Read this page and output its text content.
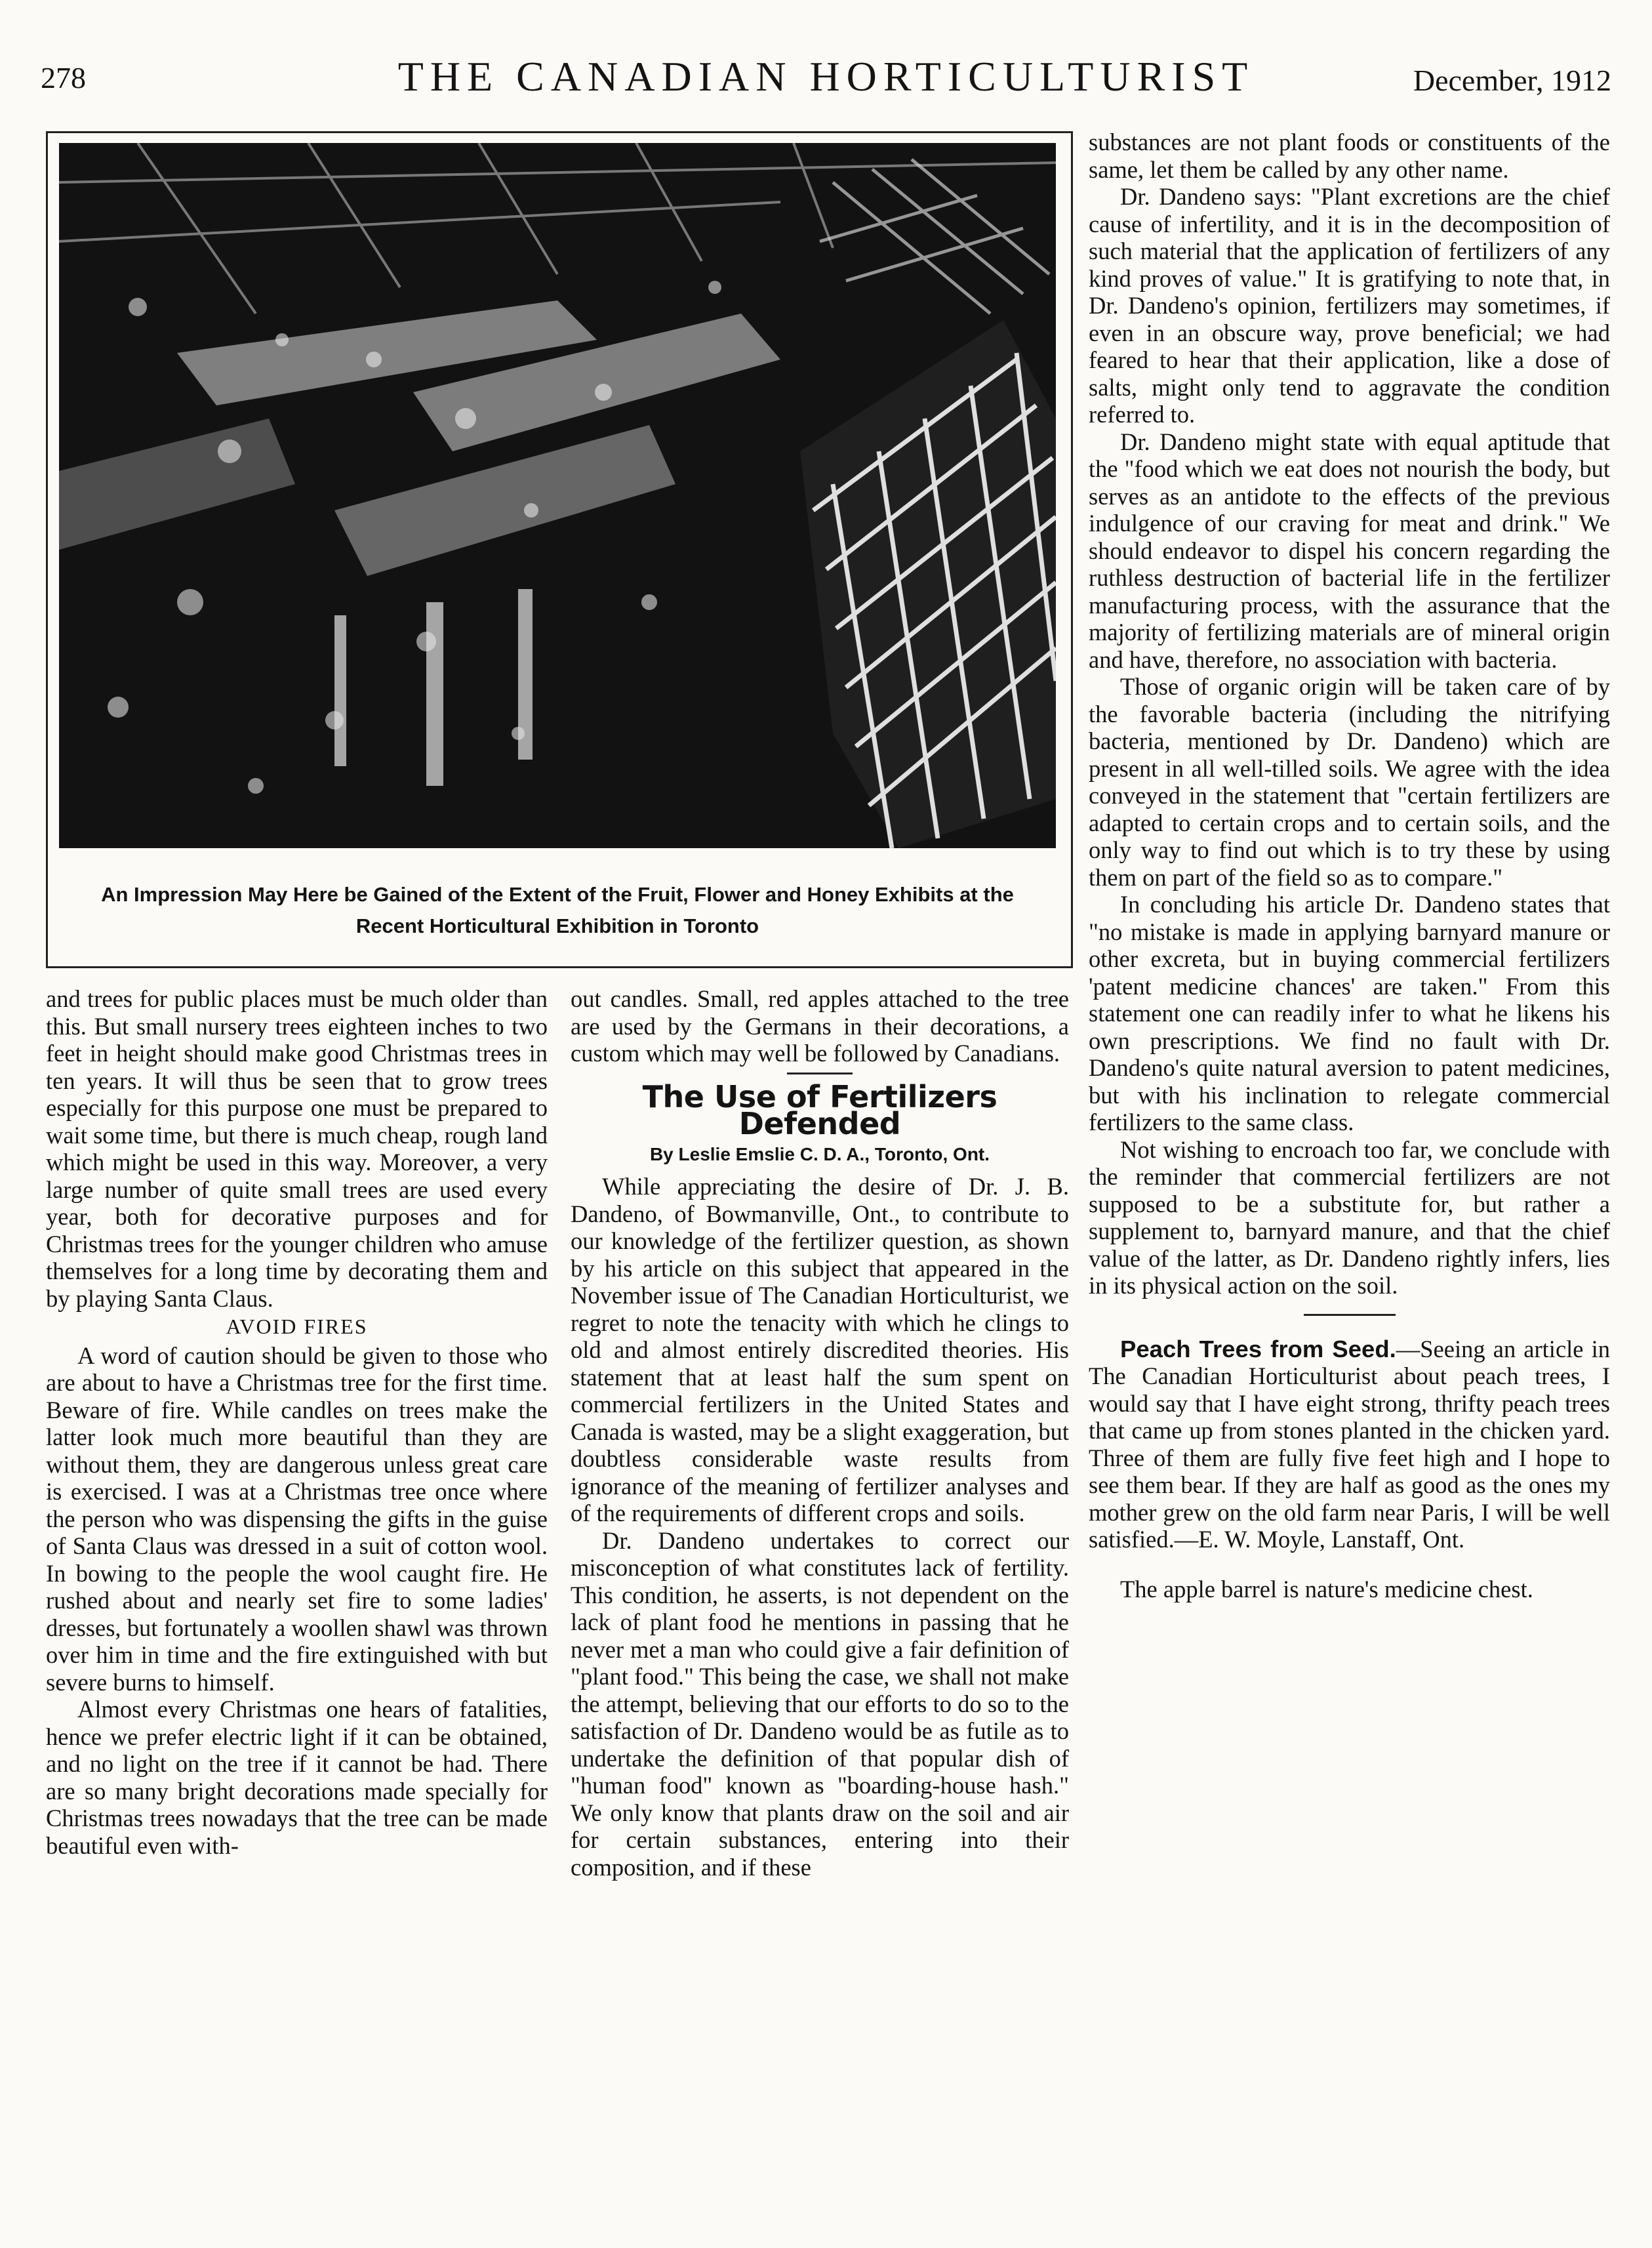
278	THE CANADIAN HORTICULTURIST	December, 1912
An Impression May Here be Gained of the Extent of the Fruit, Flower and Honey Exhibits at the Recent Horticultural Exhibition in Toronto

and trees for public places must be much older than this. But small nursery trees eighteen inches to two feet in height should make good Christmas trees in ten years. It will thus be seen that to grow trees especially for this purpose one must be prepared to wait some time, but there is much cheap, rough land which might be used in this way. Moreover, a very large number of quite small trees are used every year, both for decorative purposes and for Christmas trees for the younger children who amuse themselves for a long time by decorating them and by playing Santa Claus.

AVOID FIRES

A word of caution should be given to those who are about to have a Christmas tree for the first time. Beware of fire. While candles on trees make the latter look much more beautiful than they are without them, they are dangerous unless great care is exercised. I was at a Christmas tree once where the person who was dispensing the gifts in the guise of Santa Claus was dressed in a suit of cotton wool. In bowing to the people the wool caught fire. He rushed about and nearly set fire to some ladies' dresses, but fortunately a woollen shawl was thrown over him in time and the fire extinguished with but severe burns to himself.

Almost every Christmas one hears of fatalities, hence we prefer electric light if it can be obtained, and no light on the tree if it cannot be had. There are so many bright decorations made specially for Christmas trees nowadays that the tree can be made beautiful even with-

out candles. Small, red apples attached to the tree are used by the Germans in their decorations, a custom which may well be followed by Canadians.

The Use of Fertilizers Defended
By Leslie Emslie C. D. A., Toronto, Ont.

While appreciating the desire of Dr. J. B. Dandeno, of Bowmanville, Ont., to contribute to our knowledge of the fertilizer question, as shown by his article on this subject that appeared in the November issue of The Canadian Horticulturist, we regret to note the tenacity with which he clings to old and almost entirely discredited theories. His statement that at least half the sum spent on commercial fertilizers in the United States and Canada is wasted, may be a slight exaggeration, but doubtless considerable waste results from ignorance of the meaning of fertilizer analyses and of the requirements of different crops and soils.

Dr. Dandeno undertakes to correct our misconception of what constitutes lack of fertility. This condition, he asserts, is not dependent on the lack of plant food he mentions in passing that he never met a man who could give a fair definition of "plant food." This being the case, we shall not make the attempt, believing that our efforts to do so to the satisfaction of Dr. Dandeno would be as futile as to undertake the definition of that popular dish of "human food" known as "boarding-house hash." We only know that plants draw on the soil and air for certain substances, entering into their composition, and if these

substances are not plant foods or constituents of the same, let them be called by any other name.

Dr. Dandeno says: "Plant excretions are the chief cause of infertility, and it is in the decomposition of such material that the application of fertilizers of any kind proves of value." It is gratifying to note that, in Dr. Dandeno's opinion, fertilizers may sometimes, if even in an obscure way, prove beneficial; we had feared to hear that their application, like a dose of salts, might only tend to aggravate the condition referred to.

Dr. Dandeno might state with equal aptitude that the "food which we eat does not nourish the body, but serves as an antidote to the effects of the previous indulgence of our craving for meat and drink." We should endeavor to dispel his concern regarding the ruthless destruction of bacterial life in the fertilizer manufacturing process, with the assurance that the majority of fertilizing materials are of mineral origin and have, therefore, no association with bacteria.

Those of organic origin will be taken care of by the favorable bacteria (including the nitrifying bacteria, mentioned by Dr. Dandeno) which are present in all well-tilled soils. We agree with the idea conveyed in the statement that "certain fertilizers are adapted to certain crops and to certain soils, and the only way to find out which is to try these by using them on part of the field so as to compare."

In concluding his article Dr. Dandeno states that "no mistake is made in applying barnyard manure or other excreta, but in buying commercial fertilizers 'patent medicine chances' are taken." From this statement one can readily infer to what he likens his own prescriptions. We find no fault with Dr. Dandeno's quite natural aversion to patent medicines, but with his inclination to relegate commercial fertilizers to the same class.

Not wishing to encroach too far, we conclude with the reminder that commercial fertilizers are not supposed to be a substitute for, but rather a supplement to, barnyard manure, and that the chief value of the latter, as Dr. Dandeno rightly infers, lies in its physical action on the soil.

Peach Trees from Seed.—Seeing an article in The Canadian Horticulturist about peach trees, I would say that I have eight strong, thrifty peach trees that came up from stones planted in the chicken yard. Three of them are fully five feet high and I hope to see them bear. If they are half as good as the ones my mother grew on the old farm near Paris, I will be well satisfied.—E. W. Moyle, Lanstaff, Ont.

The apple barrel is nature's medicine chest.
